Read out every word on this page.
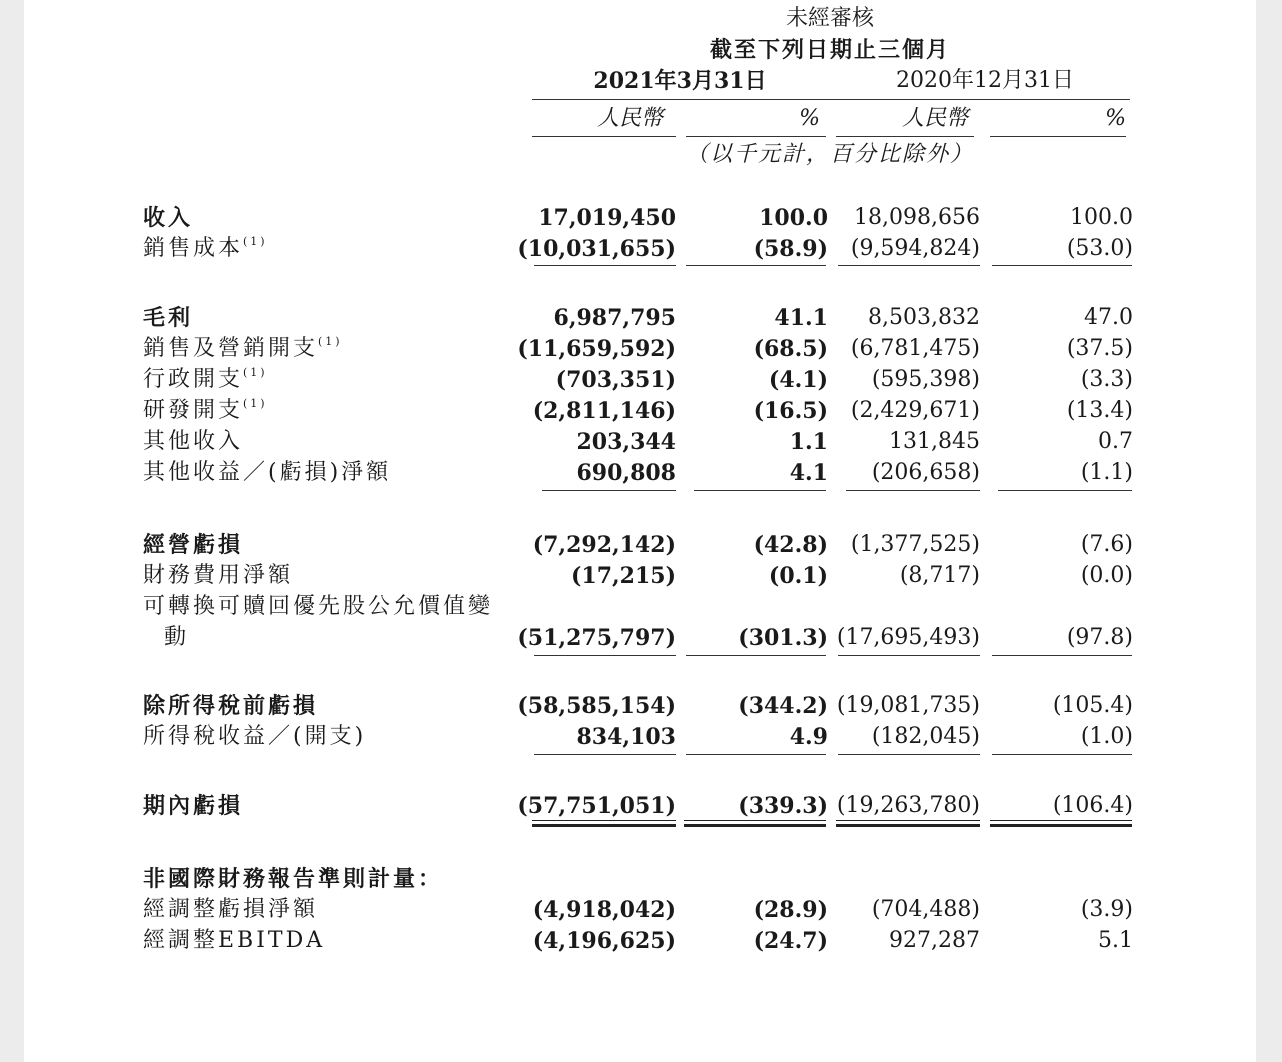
未經審核
截至下列日期止三個月
2021年3月31日	2020年12月31日
人民幣	%	人民幣	%
（以千元計，百分比除外）
收入	17,019,450	100.0	18,098,656	100.0
銷售成本$^{(1)}$	(10,031,655)	(58.9)	(9,594,824)	(53.0)
毛利	6,987,795	41.1	8,503,832	47.0
銷售及營銷開支$^{(1)}$	(11,659,592)	(68.5)	(6,781,475)	(37.5)
行政開支$^{(1)}$	(703,351)	(4.1)	(595,398)	(3.3)
研發開支$^{(1)}$	(2,811,146)	(16.5)	(2,429,671)	(13.4)
其他收入	203,344	1.1	131,845	0.7
其他收益／(虧損)淨額	690,808	4.1	(206,658)	(1.1)
經營虧損	(7,292,142)	(42.8)	(1,377,525)	(7.6)
財務費用淨額	(17,215)	(0.1)	(8,717)	(0.0)
可轉換可贖回優先股公允價值變
動	(51,275,797)	(301.3) (17,695,493)	(97.8)
除所得稅前虧損	(58,585,154)	(344.2) (19,081,735)	(105.4)
所得稅收益／(開支)	834,103	4.9	(182,045)	(1.0)
期內虧損	(57,751,051)	(339.3) (19,263,780)	(106.4)
非國際財務報告準則計量：
經調整虧損淨額	(4,918,042)	(28.9)	(704,488)	(3.9)
經調整EBITDA	(4,196,625)	(24.7)	927,287	5.1
